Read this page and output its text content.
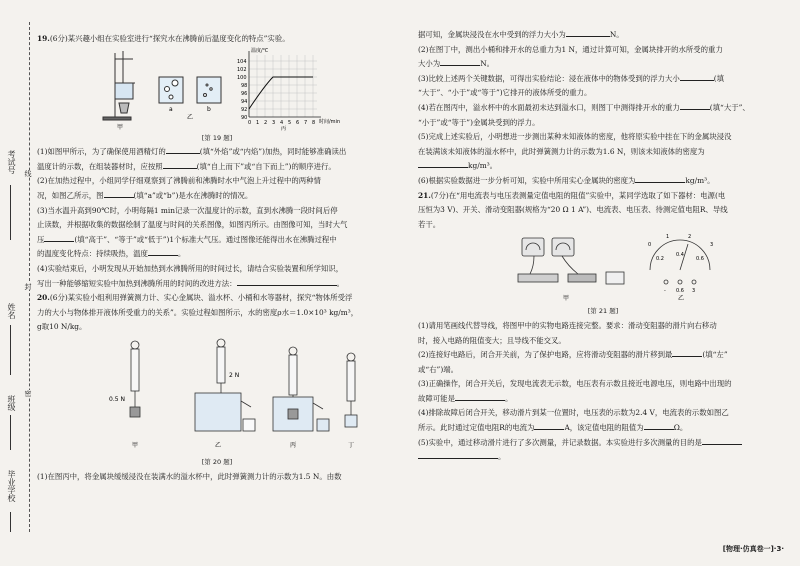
考试号
姓名
班级
毕业学校
线
封
密

19.(6分)某兴趣小组在实验室进行“探究水在沸腾前后温度变化的特点”实验。

温度/℃
时间/min
104
102
100
98
96
94
92
90
0 1 2 3 4 5 6 7 8
丙
甲
乙
a	b
[第 19 题]

(1)如图甲所示，为了确保使用酒精灯的	(填“外焰”或“内焰”)加热，同时能够准确读出

温度计的示数，在组装器材时，应按照	(填“自上而下”或“自下而上”)的顺序进行。

(2)在加热过程中，小组同学仔细观察到了沸腾前和沸腾时水中气泡上升过程中的两种情

况，如图乙所示，图	(填“a”或“b”)是水在沸腾时的情况。

(3)当水温升高到90℃时，小明每隔1 min记录一次温度计的示数，直到水沸腾一段时间后停

止读数，并根据收集的数据绘制了温度与时间的关系图像，如图丙所示。由图像可知，当时大气

压	(填“高于”、“等于”或“低于”)1个标准大气压。通过图像还能得出水在沸腾过程中

的温度变化特点：持续吸热，温度	。

(4)实验结束后，小明发现从开始加热到水沸腾所用的时间过长，请结合实验装置和所学知识，

写出一种能够缩短实验中加热到沸腾所用的时间的改进方法：	。

20.(6分)某实验小组利用弹簧测力计、实心金属块、溢水杯、小桶和水等器材，探究“物体所受浮

力的大小与物体排开液体所受重力的关系”。实验过程如图所示，水的密度ρ水＝1.0×10³ kg/m³，

g取10 N/kg。

0.5 N
2 N
甲	乙	丙	丁
[第 20 题]

(1)在图丙中，将金属块缓缓浸没在装满水的溢水杯中，此时弹簧测力计的示数为1.5 N。由数

据可知，金属块浸没在水中受到的浮力大小为	N。

(2)在图丁中，测出小桶和排开水的总重力为1 N，通过计算可知，金属块排开的水所受的重力

大小为	N。

(3)比较上述两个关键数据，可得出实验结论：浸在液体中的物体受到的浮力大小	(填

“大于”、“小于”或“等于”)它排开的液体所受的重力。

(4)若在图丙中，溢水杯中的水面最初未达到溢水口，则图丁中测得排开水的重力	(填“大于”、

“小于”或“等于”)金属块受到的浮力。

(5)完成上述实验后，小明想进一步测出某种未知液体的密度，他将原实验中挂在下的金属块浸没

在装满该未知液体的溢水杯中，此时弹簧测力计的示数为1.6 N，则该未知液体的密度为

kg/m³。

(6)根据实验数据进一步分析可知，实验中所用实心金属块的密度为	kg/m³。

21.(7分)在“用电流表与电压表测量定值电阻的阻值”实验中，某同学选取了如下器材：电源(电

压恒为3 V)、开关、滑动变阻器(规格为“20 Ω 1 A”)、电流表、电压表、待测定值电阻R、导线

若干。

0
1	2
3
0.2
0.4
0.6
- 0.6 3
甲	乙
[第 21 题]

(1)请用笔画线代替导线，将图甲中的实物电路连接完整。要求：滑动变阻器的滑片向右移动

时，接入电路的阻值变大；且导线不能交叉。

(2)连接好电路后，闭合开关前，为了保护电路，应将滑动变阻器的滑片移到最	(填“左”

或“右”)端。

(3)正确操作，闭合开关后，发现电流表无示数，电压表有示数且接近电源电压，则电路中出现的

故障可能是	。

(4)排除故障后闭合开关，移动滑片到某一位置时，电压表的示数为2.4 V，电流表的示数如图乙

所示。此时通过定值电阻R的电流为	A，该定值电阻的阻值为	Ω。

(5)实验中，通过移动滑片进行了多次测量，并记录数据。本实验进行多次测量的目的是

。

[物理·仿真卷一]·3·
